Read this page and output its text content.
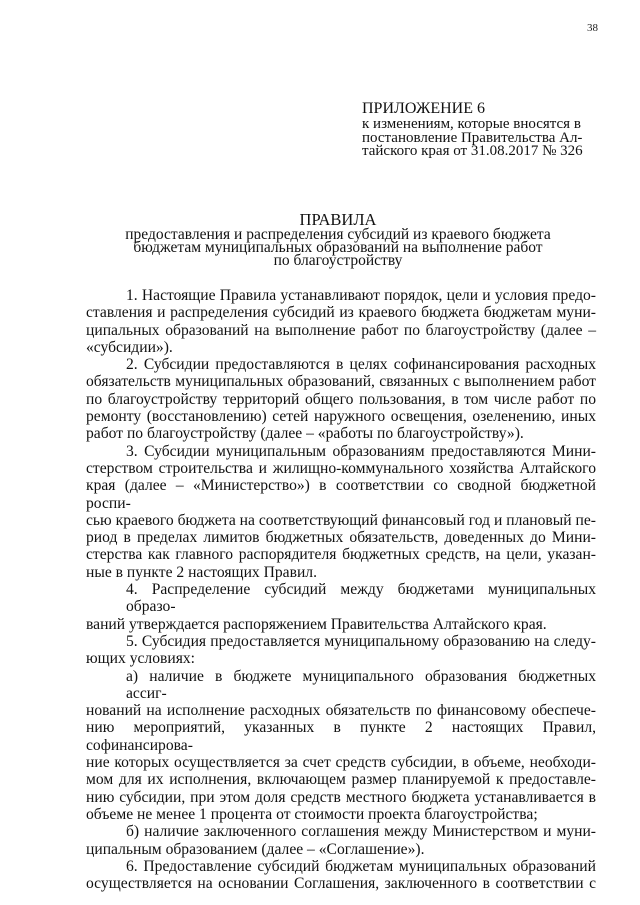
38
ПРИЛОЖЕНИЕ 6
к изменениям, которые вносятся в
постановление Правительства Ал-
тайского края от 31.08.2017 № 326
ПРАВИЛА
предоставления и распределения субсидий из краевого бюджета
бюджетам муниципальных образований на выполнение работ
по благоустройству
1. Настоящие Правила устанавливают порядок, цели и условия предо-
ставления и распределения субсидий из краевого бюджета бюджетам муни-
ципальных образований на выполнение работ по благоустройству (далее –
«субсидии»).
2. Субсидии предоставляются в целях софинансирования расходных
обязательств муниципальных образований, связанных с выполнением работ
по благоустройству территорий общего пользования, в том числе работ по
ремонту (восстановлению) сетей наружного освещения, озеленению, иных
работ по благоустройству (далее – «работы по благоустройству»).
3. Субсидии муниципальным образованиям предоставляются Мини-
стерством строительства и жилищно-коммунального хозяйства Алтайского
края (далее – «Министерство») в соответствии со сводной бюджетной роспи-
сью краевого бюджета на соответствующий финансовый год и плановый пе-
риод в пределах лимитов бюджетных обязательств, доведенных до Мини-
стерства как главного распорядителя бюджетных средств, на цели, указан-
ные в пункте 2 настоящих Правил.
4. Распределение субсидий между бюджетами муниципальных образо-
ваний утверждается распоряжением Правительства Алтайского края.
5. Субсидия предоставляется муниципальному образованию на следу-
ющих условиях:
а) наличие в бюджете муниципального образования бюджетных ассиг-
нований на исполнение расходных обязательств по финансовому обеспече-
нию мероприятий, указанных в пункте 2 настоящих Правил, софинансирова-
ние которых осуществляется за счет средств субсидии, в объеме, необходи-
мом для их исполнения, включающем размер планируемой к предоставле-
нию субсидии, при этом доля средств местного бюджета устанавливается в
объеме не менее 1 процента от стоимости проекта благоустройства;
б) наличие заключенного соглашения между Министерством и муни-
ципальным образованием (далее – «Соглашение»).
6. Предоставление субсидий бюджетам муниципальных образований
осуществляется на основании Соглашения, заключенного в соответствии с
